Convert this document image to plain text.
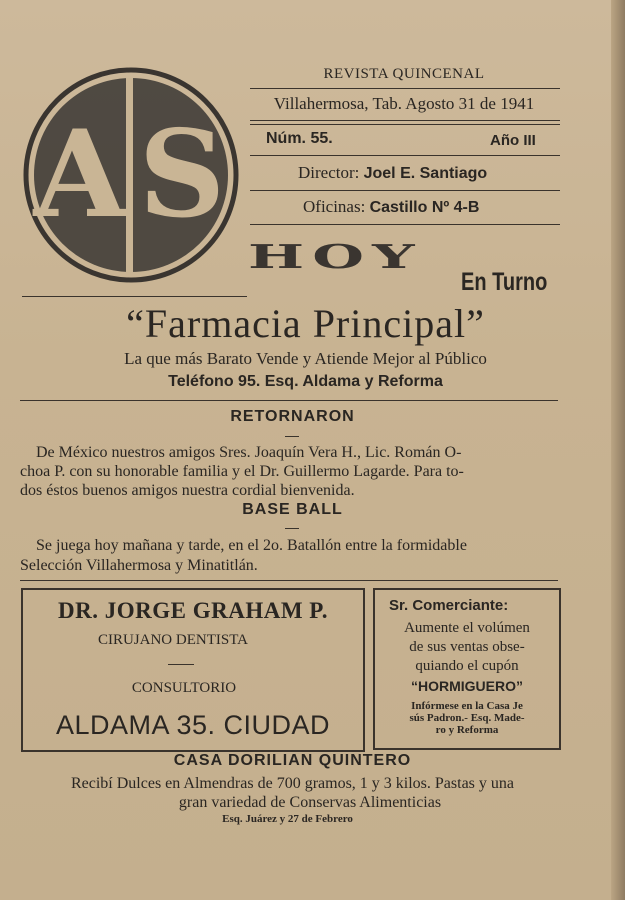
A S
REVISTA QUINCENAL
Villahermosa, Tab. Agosto 31 de 1941
Núm. 55.	Año III
Director: Joel E. Santiago
Oficinas: Castillo Nº 4-B
HOY
En Turno
“Farmacia Principal”
La que más Barato Vende y Atiende Mejor al Público
Teléfono 95. Esq. Aldama y Reforma
RETORNARON
De México nuestros amigos Sres. Joaquín Vera H., Lic. Román O-
choa P. con su honorable familia y el Dr. Guillermo Lagarde. Para to-
dos éstos buenos amigos nuestra cordial bienvenida.
BASE BALL
Se juega hoy mañana y tarde, en el 2o. Batallón entre la formidable
Selección Villahermosa y Minatitlán.
DR. JORGE GRAHAM P.
CIRUJANO DENTISTA
CONSULTORIO
ALDAMA 35. CIUDAD
Sr. Comerciante:
Aumente el volúmen
de sus ventas obse-
quiando el cupón
“HORMIGUERO”
Infórmese en la Casa Je
sús Padron.- Esq. Made-
ro y Reforma
CASA DORILIAN QUINTERO
Recibí Dulces en Almendras de 700 gramos, 1 y 3 kilos. Pastas y una
gran variedad de Conservas Alimenticias
Esq. Juárez y 27 de Febrero
